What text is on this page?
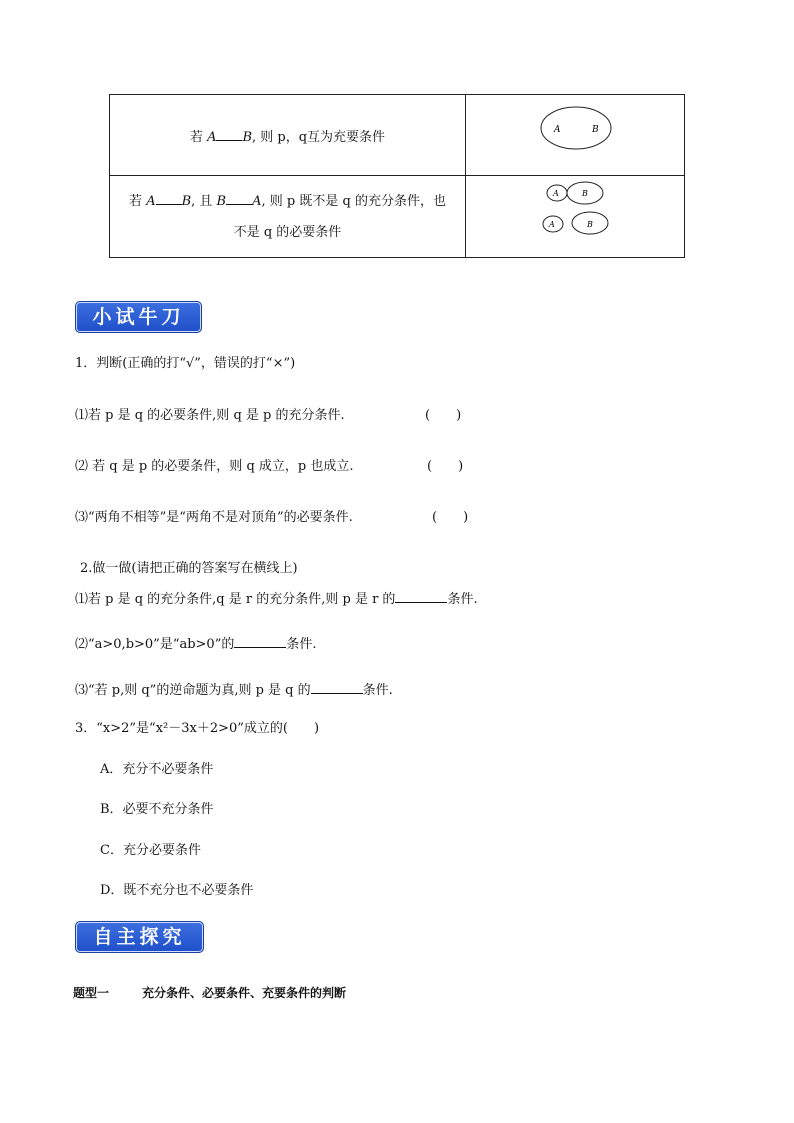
若 A B, 则 p，q互为充要条件	A B

若 A B, 且 B A, 则 p 既不是 q 的充分条件，也
不是 q 的必要条件	A B
A B
小试牛刀
1．判断(正确的打“√”，错误的打“×”)
⑴若 p 是 q 的必要条件,则 q 是 p 的充分条件.	(　　)
⑵ 若 q 是 p 的必要条件，则 q 成立，p 也成立.	(　　)
⑶“两角不相等”是“两角不是对顶角”的必要条件.	(　　)
2.做一做(请把正确的答案写在横线上)
⑴若 p 是 q 的充分条件,q 是 r 的充分条件,则 p 是 r 的	条件.
⑵“a>0,b>0”是“ab>0”的	条件.
⑶“若 p,则 q”的逆命题为真,则 p 是 q 的	条件.
3．“x>2”是“x²－3x＋2>0”成立的(　　)
A．充分不必要条件
B．必要不充分条件
C．充分必要条件
D．既不充分也不必要条件
自主探究
题型一	充分条件、必要条件、充要条件的判断
